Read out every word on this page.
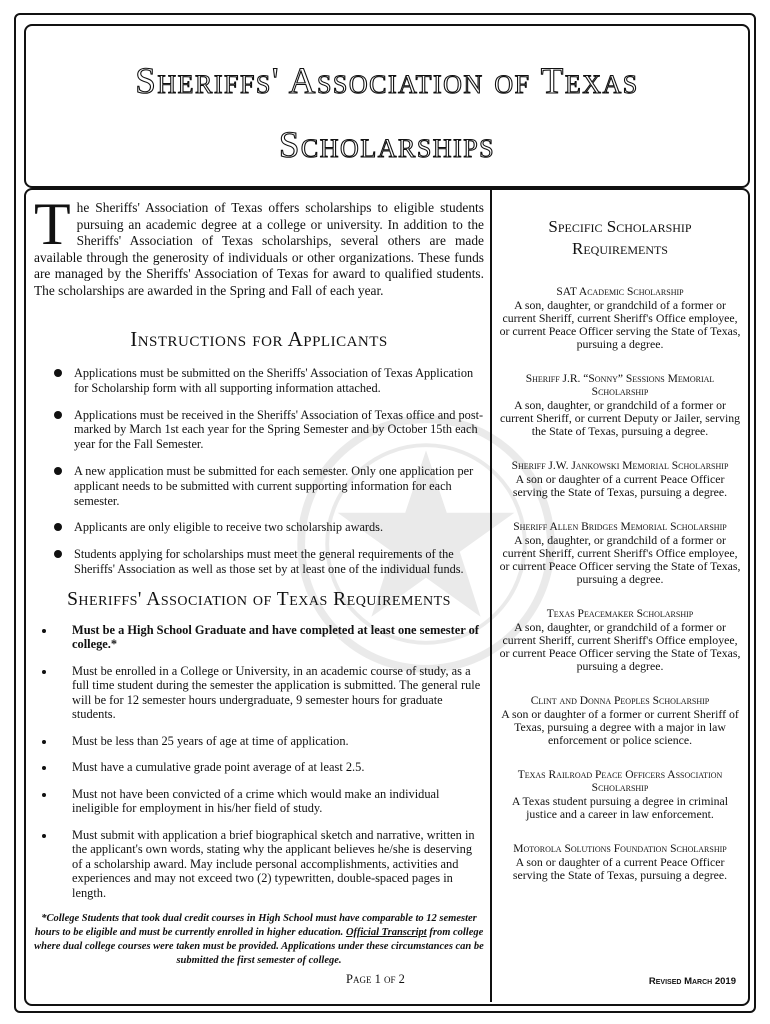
Sheriffs' Association of Texas
Scholarships

The Sheriffs' Association of Texas offers scholarships to eligible students pursuing an academic degree at a college or university. In addition to the Sheriffs' Association of Texas scholarships, several others are made available through the generosity of individuals or other organizations. These funds are managed by the Sheriffs' Association of Texas for award to qualified students. The scholarships are awarded in the Spring and Fall of each year.

Instructions for Applicants
Applications must be submitted on the Sheriffs' Association of Texas Application for Scholarship form with all supporting information attached.
Applications must be received in the Sheriffs' Association of Texas office and post-marked by March 1st each year for the Spring Semester and by October 15th each year for the Fall Semester.
A new application must be submitted for each semester. Only one application per applicant needs to be submitted with current supporting information for each semester.
Applicants are only eligible to receive two scholarship awards.
Students applying for scholarships must meet the general requirements of the Sheriffs' Association as well as those set by at least one of the individual funds.
Sheriffs' Association of Texas Requirements
Must be a High School Graduate and have completed at least one semester of college.*
Must be enrolled in a College or University, in an academic course of study, as a full time student during the semester the application is submitted. The general rule will be for 12 semester hours undergraduate, 9 semester hours for graduate students.
Must be less than 25 years of age at time of application.
Must have a cumulative grade point average of at least 2.5.
Must not have been convicted of a crime which would make an individual ineligible for employment in his/her field of study.
Must submit with application a brief biographical sketch and narrative, written in the applicant's own words, stating why the applicant believes he/she is deserving of a scholarship award. May include personal accomplishments, activities and experiences and may not exceed two (2) typewritten, double-spaced pages in length.

*College Students that took dual credit courses in High School must have comparable to 12 semester hours to be eligible and must be currently enrolled in higher education. Official Transcript from college where dual college courses were taken must be provided. Applications under these circumstances can be submitted the first semester of college.

Specific Scholarship
Requirements
SAT Academic Scholarship
A son, daughter, or grandchild of a former or current Sheriff, current Sheriff's Office employee, or current Peace Officer serving the State of Texas, pursuing a degree.
Sheriff J.R. “Sonny” Sessions Memorial Scholarship
A son, daughter, or grandchild of a former or current Sheriff, or current Deputy or Jailer, serving the State of Texas, pursuing a degree.
Sheriff J.W. Jankowski Memorial Scholarship
A son or daughter of a current Peace Officer serving the State of Texas, pursuing a degree.
Sheriff Allen Bridges Memorial Scholarship
A son, daughter, or grandchild of a former or current Sheriff, current Sheriff's Office employee, or current Peace Officer serving the State of Texas, pursuing a degree.
Texas Peacemaker Scholarship
A son, daughter, or grandchild of a former or current Sheriff, current Sheriff's Office employee, or current Peace Officer serving the State of Texas, pursuing a degree.
Clint and Donna Peoples Scholarship
A son or daughter of a former or current Sheriff of Texas, pursuing a degree with a major in law enforcement or police science.
Texas Railroad Peace Officers Association Scholarship
A Texas student pursuing a degree in criminal justice and a career in law enforcement.
Motorola Solutions Foundation Scholarship
A son or daughter of a current Peace Officer serving the State of Texas, pursuing a degree.
Page 1 of 2	Revised March 2019
